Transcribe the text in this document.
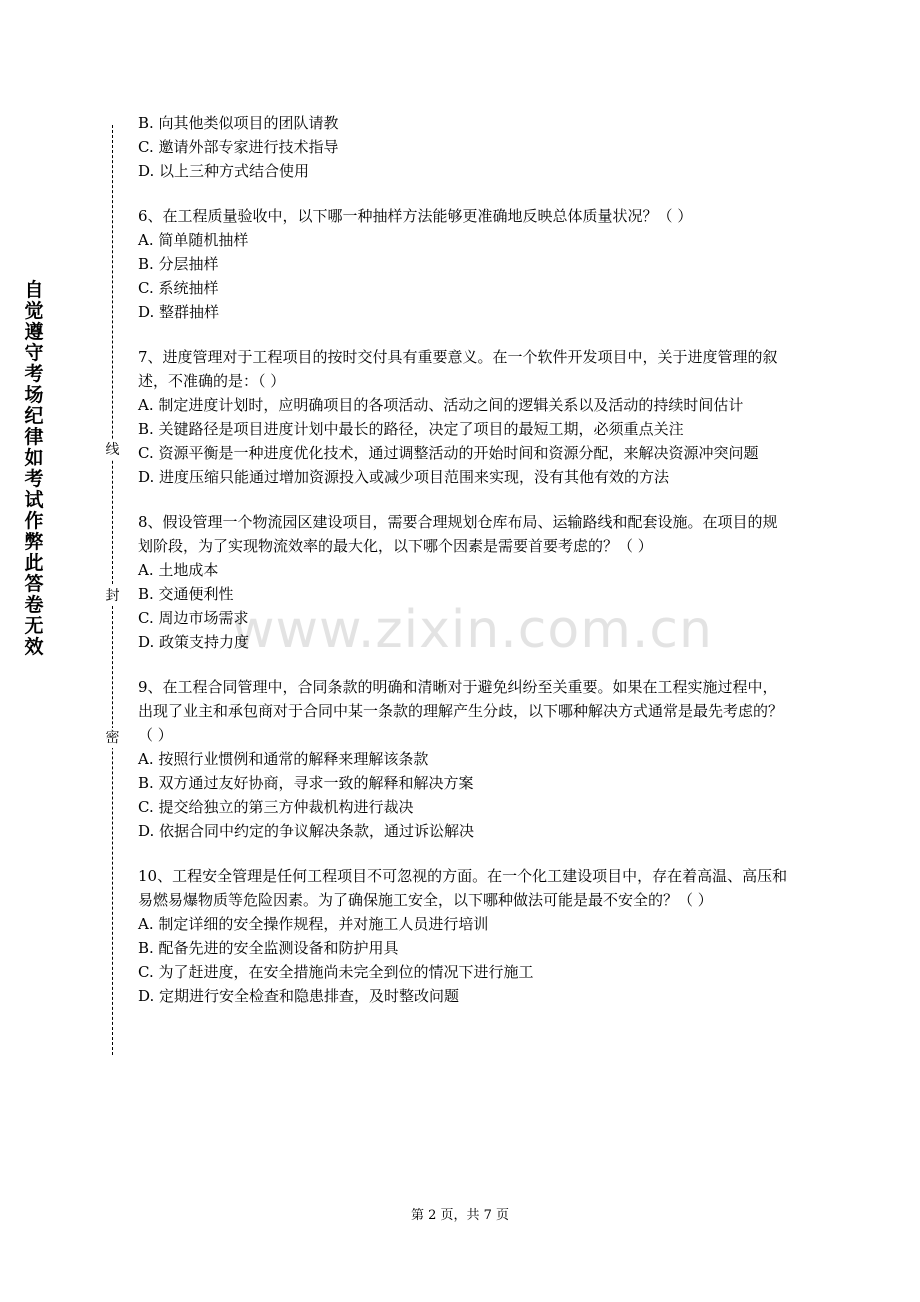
自觉遵守考场纪律如考试作弊此答卷无效
线
封
密
www.zixin.com.cn

B. 向其他类似项目的团队请教

C. 邀请外部专家进行技术指导

D. 以上三种方式结合使用

6、在工程质量验收中，以下哪一种抽样方法能够更准确地反映总体质量状况？（ ）

A. 简单随机抽样

B. 分层抽样

C. 系统抽样

D. 整群抽样

7、进度管理对于工程项目的按时交付具有重要意义。在一个软件开发项目中，关于进度管理的叙述，不准确的是：（ ）

A. 制定进度计划时，应明确项目的各项活动、活动之间的逻辑关系以及活动的持续时间估计

B. 关键路径是项目进度计划中最长的路径，决定了项目的最短工期，必须重点关注

C. 资源平衡是一种进度优化技术，通过调整活动的开始时间和资源分配，来解决资源冲突问题

D. 进度压缩只能通过增加资源投入或减少项目范围来实现，没有其他有效的方法

8、假设管理一个物流园区建设项目，需要合理规划仓库布局、运输路线和配套设施。在项目的规划阶段，为了实现物流效率的最大化，以下哪个因素是需要首要考虑的？（ ）

A. 土地成本

B. 交通便利性

C. 周边市场需求

D. 政策支持力度

9、在工程合同管理中，合同条款的明确和清晰对于避免纠纷至关重要。如果在工程实施过程中，出现了业主和承包商对于合同中某一条款的理解产生分歧，以下哪种解决方式通常是最先考虑的？（ ）

A. 按照行业惯例和通常的解释来理解该条款

B. 双方通过友好协商，寻求一致的解释和解决方案

C. 提交给独立的第三方仲裁机构进行裁决

D. 依据合同中约定的争议解决条款，通过诉讼解决

10、工程安全管理是任何工程项目不可忽视的方面。在一个化工建设项目中，存在着高温、高压和易燃易爆物质等危险因素。为了确保施工安全，以下哪种做法可能是最不安全的？（ ）

A. 制定详细的安全操作规程，并对施工人员进行培训

B. 配备先进的安全监测设备和防护用具

C. 为了赶进度，在安全措施尚未完全到位的情况下进行施工

D. 定期进行安全检查和隐患排查，及时整改问题

第 2 页，共 7 页
